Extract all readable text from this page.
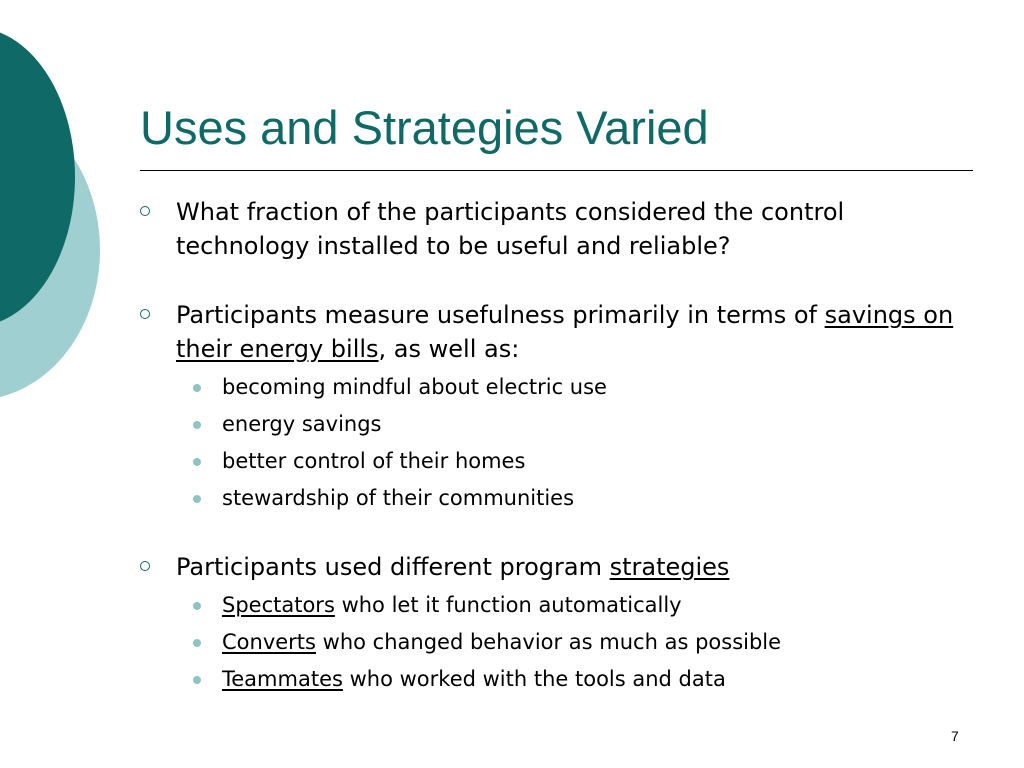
Uses and Strategies Varied
What fraction of the participants considered the control technology installed to be useful and reliable?
Participants measure usefulness primarily in terms of savings on their energy bills, as well as:
becoming mindful about electric use
energy savings
better control of their homes
stewardship of their communities
Participants used different program strategies
Spectators who let it function automatically
Converts who changed behavior as much as possible
Teammates who worked with the tools and data
7
